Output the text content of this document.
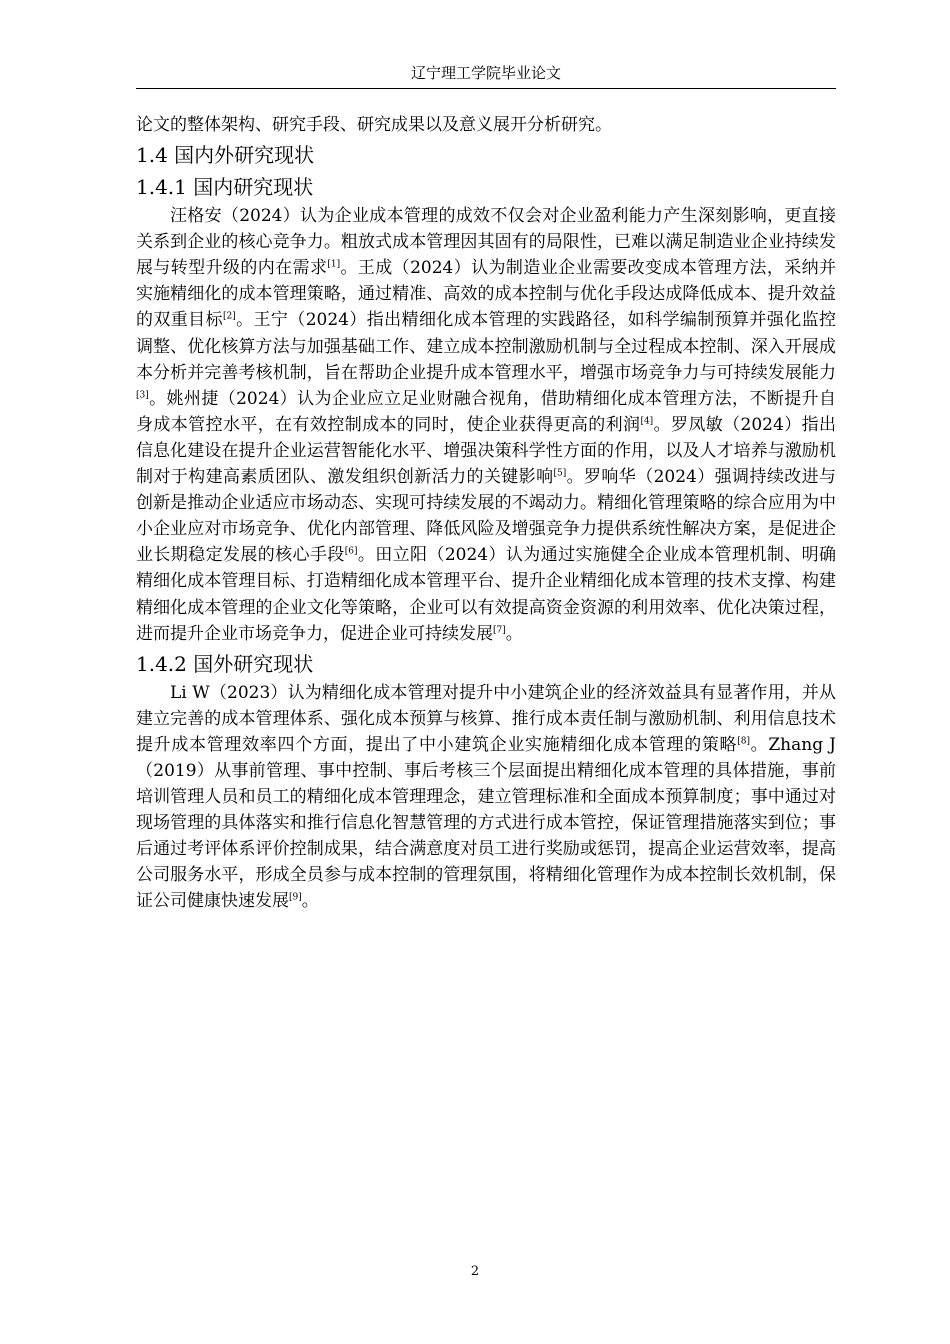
辽宁理工学院毕业论文

论文的整体架构、研究手段、研究成果以及意义展开分析研究。

1.4 国内外研究现状
1.4.1 国内研究现状

汪格安（2024）认为企业成本管理的成效不仅会对企业盈利能力产生深刻影响，更直接关系到企业的核心竞争力。粗放式成本管理因其固有的局限性，已难以满足制造业企业持续发展与转型升级的内在需求[1]。王成（2024）认为制造业企业需要改变成本管理方法，采纳并实施精细化的成本管理策略，通过精准、高效的成本控制与优化手段达成降低成本、提升效益的双重目标[2]。王宁（2024）指出精细化成本管理的实践路径，如科学编制预算并强化监控调整、优化核算方法与加强基础工作、建立成本控制激励机制与全过程成本控制、深入开展成本分析并完善考核机制，旨在帮助企业提升成本管理水平，增强市场竞争力与可持续发展能力[3]。姚州捷（2024）认为企业应立足业财融合视角，借助精细化成本管理方法，不断提升自身成本管控水平，在有效控制成本的同时，使企业获得更高的利润[4]。罗凤敏（2024）指出信息化建设在提升企业运营智能化水平、增强决策科学性方面的作用，以及人才培养与激励机制对于构建高素质团队、激发组织创新活力的关键影响[5]。罗响华（2024）强调持续改进与创新是推动企业适应市场动态、实现可持续发展的不竭动力。精细化管理策略的综合应用为中小企业应对市场竞争、优化内部管理、降低风险及增强竞争力提供系统性解决方案，是促进企业长期稳定发展的核心手段[6]。田立阳（2024）认为通过实施健全企业成本管理机制、明确精细化成本管理目标、打造精细化成本管理平台、提升企业精细化成本管理的技术支撑、构建精细化成本管理的企业文化等策略，企业可以有效提高资金资源的利用效率、优化决策过程，进而提升企业市场竞争力，促进企业可持续发展[7]。

1.4.2 国外研究现状

Li W（2023）认为精细化成本管理对提升中小建筑企业的经济效益具有显著作用，并从建立完善的成本管理体系、强化成本预算与核算、推行成本责任制与激励机制、利用信息技术提升成本管理效率四个方面，提出了中小建筑企业实施精细化成本管理的策略[8]。Zhang J（2019）从事前管理、事中控制、事后考核三个层面提出精细化成本管理的具体措施，事前培训管理人员和员工的精细化成本管理理念，建立管理标准和全面成本预算制度；事中通过对现场管理的具体落实和推行信息化智慧管理的方式进行成本管控，保证管理措施落实到位；事后通过考评体系评价控制成果，结合满意度对员工进行奖励或惩罚，提高企业运营效率，提高公司服务水平，形成全员参与成本控制的管理氛围，将精细化管理作为成本控制长效机制，保证公司健康快速发展[9]。

2
